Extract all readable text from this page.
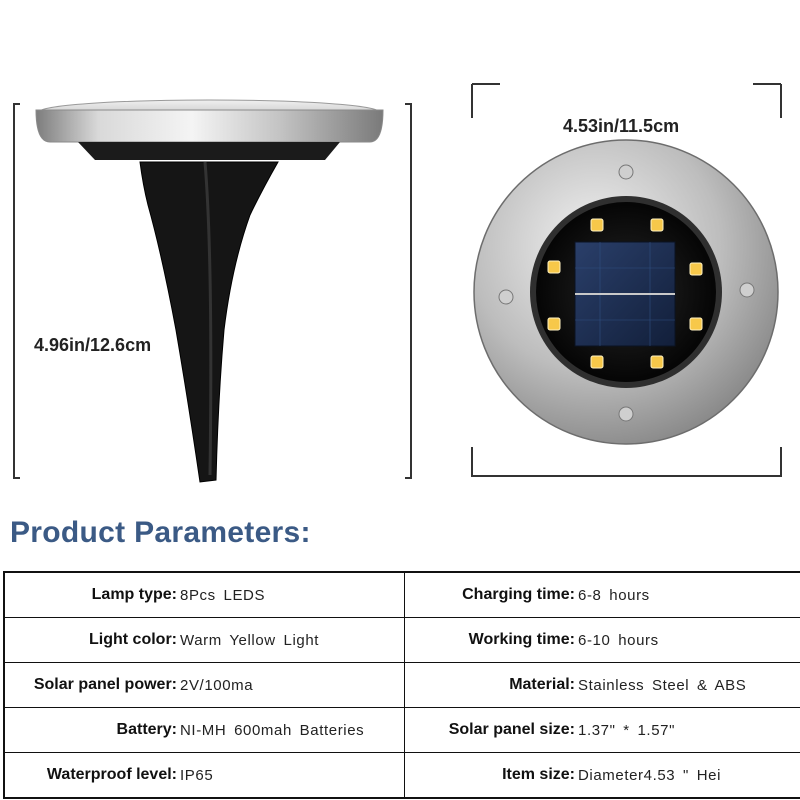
4.53in/11.5cm
4.96in/12.6cm
Product Parameters:
Lamp type:	8Pcs LEDS	Charging time:	6-8 hours
Light color:	Warm Yellow Light	Working time:	6-10 hours
Solar panel power:	2V/100ma	Material:	Stainless Steel & ABS
Battery:	NI-MH 600mah Batteries	Solar panel size:	1.37" * 1.57"
Waterproof level:	IP65	Item size:	Diameter4.53 " Hei
